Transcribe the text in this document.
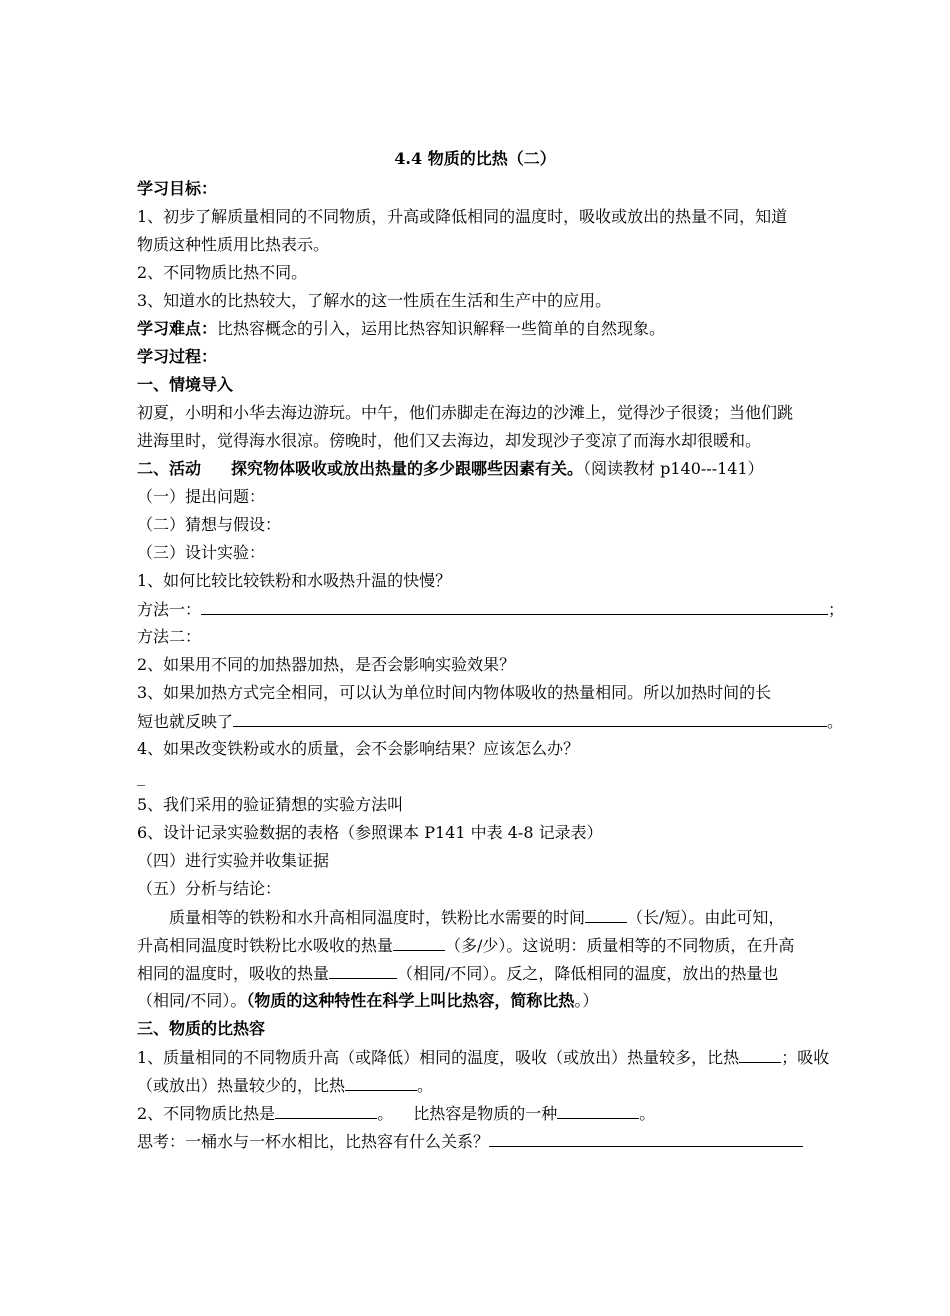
4.4 物质的比热（二）
学习目标：
1、初步了解质量相同的不同物质，升高或降低相同的温度时，吸收或放出的热量不同，知道
物质这种性质用比热表示。
2、不同物质比热不同。
3、知道水的比热较大，了解水的这一性质在生活和生产中的应用。
学习难点：比热容概念的引入，运用比热容知识解释一些简单的自然现象。
学习过程：
一、情境导入
初夏，小明和小华去海边游玩。中午，他们赤脚走在海边的沙滩上，觉得沙子很烫；当他们跳
进海里时，觉得海水很凉。傍晚时，他们又去海边，却发现沙子变凉了而海水却很暖和。
二、活动 探究物体吸收或放出热量的多少跟哪些因素有关。（阅读教材 p140---141）
（一）提出问题：
（二）猜想与假设：
（三）设计实验：
1、如何比较比较铁粉和水吸热升温的快慢？
方法一：	；
方法二：
2、如果用不同的加热器加热，是否会影响实验效果？
3、如果加热方式完全相同，可以认为单位时间内物体吸收的热量相同。所以加热时间的长
短也就反映了	。
4、如果改变铁粉或水的质量，会不会影响结果？应该怎么办？
_
5、我们采用的验证猜想的实验方法叫
6、设计记录实验数据的表格（参照课本 P141 中表 4-8 记录表）
（四）进行实验并收集证据
（五）分析与结论：
　　质量相等的铁粉和水升高相同温度时，铁粉比水需要的时间	（长/短）。由此可知，
升高相同温度时铁粉比水吸收的热量	（多/少）。这说明：质量相等的不同物质，在升高
相同的温度时，吸收的热量	（相同/不同）。反之，降低相同的温度，放出的热量也
（相同/不同）。（物质的这种特性在科学上叫比热容，简称比热。）
三、物质的比热容
1、质量相同的不同物质升高（或降低）相同的温度，吸收（或放出）热量较多，比热	；吸收
（或放出）热量较少的，比热	。
2、不同物质比热是	。 比热容是物质的一种	。
思考：一桶水与一杯水相比，比热容有什么关系？
